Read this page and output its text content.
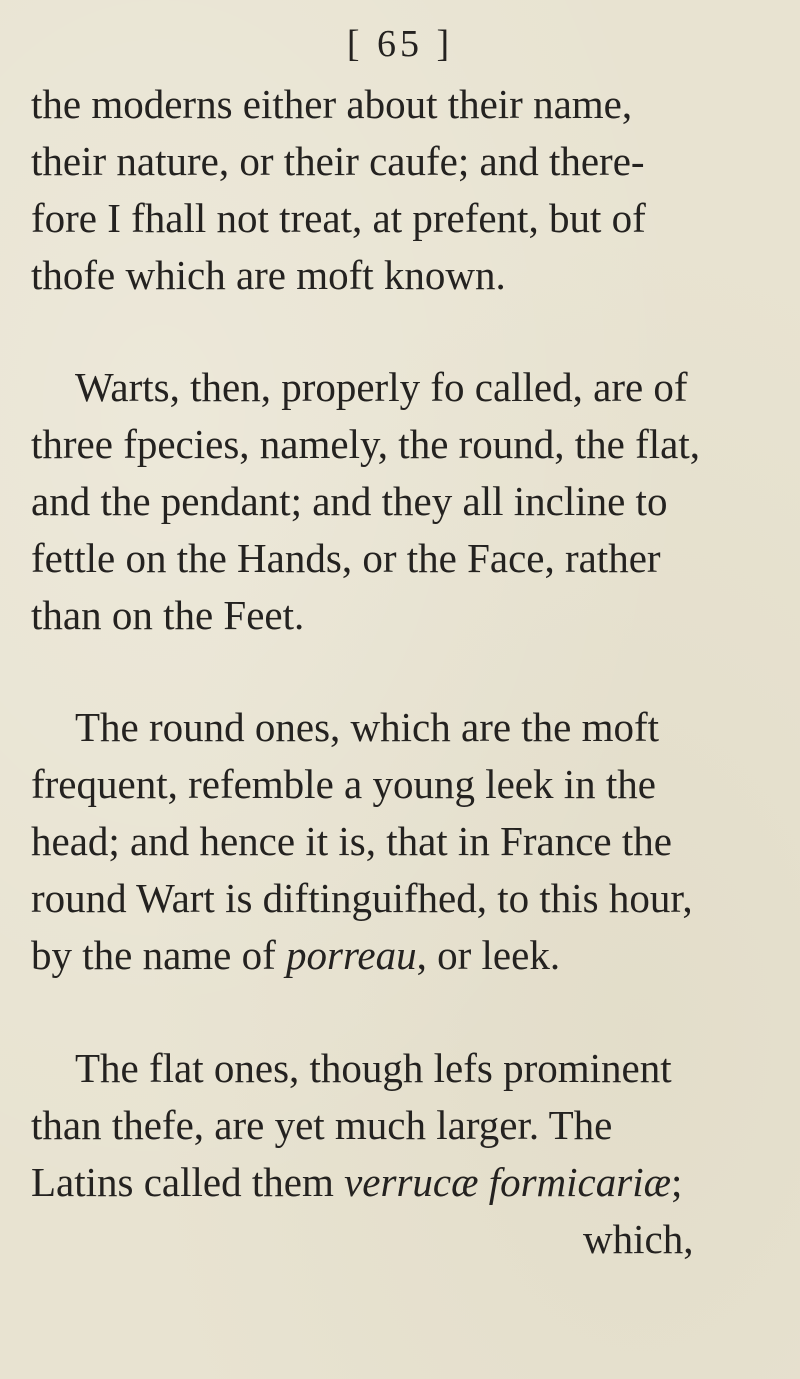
[ 65 ]
the moderns either about their name,
their nature, or their caufe; and there-
fore I fhall not treat, at prefent, but of
thofe which are moft known.
Warts, then, properly fo called, are of
three fpecies, namely, the round, the flat,
and the pendant; and they all incline to
fettle on the Hands, or the Face, rather
than on the Feet.
The round ones, which are the moft
frequent, refemble a young leek in the
head; and hence it is, that in France the
round Wart is diftinguifhed, to this hour,
by the name of porreau, or leek.
The flat ones, though lefs prominent
than thefe, are yet much larger. The
Latins called them verrucæ formicariæ;
which,
